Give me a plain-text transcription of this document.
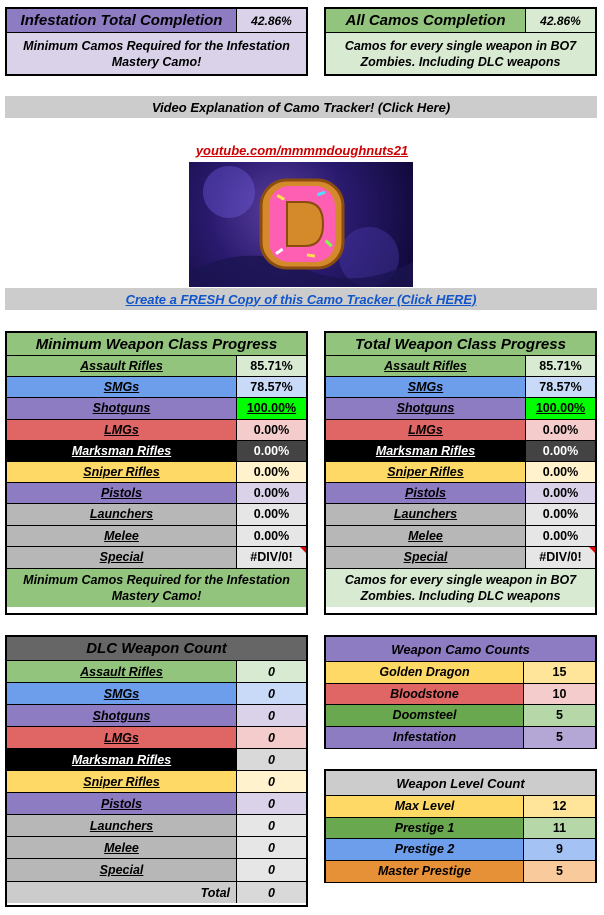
Infestation Total Completion	42.86%
Minimum Camos Required for the Infestation Mastery Camo!
All Camos Completion	42.86%
Camos for every single weapon in BO7 Zombies. Including DLC weapons
Video Explanation of Camo Tracker! (Click Here)
youtube.com/mmmmdoughnuts21
Create a FRESH Copy of this Camo Tracker (Click HERE)
Minimum Weapon Class Progress
Assault Rifles	85.71%
SMGs	78.57%
Shotguns	100.00%
LMGs	0.00%
Marksman Rifles	0.00%
Sniper Rifles	0.00%
Pistols	0.00%
Launchers	0.00%
Melee	0.00%
Special	#DIV/0!
Minimum Camos Required for the Infestation Mastery Camo!
Total Weapon Class Progress
Assault Rifles	85.71%
SMGs	78.57%
Shotguns	100.00%
LMGs	0.00%
Marksman Rifles	0.00%
Sniper Rifles	0.00%
Pistols	0.00%
Launchers	0.00%
Melee	0.00%
Special	#DIV/0!
Camos for every single weapon in BO7 Zombies. Including DLC weapons
DLC Weapon Count
Assault Rifles	0
SMGs	0
Shotguns	0
LMGs	0
Marksman Rifles	0
Sniper Rifles	0
Pistols	0
Launchers	0
Melee	0
Special	0
Total	0
Weapon Camo Counts
Golden Dragon	15
Bloodstone	10
Doomsteel	5
Infestation	5
Weapon Level Count
Max Level	12
Prestige 1	11
Prestige 2	9
Master Prestige	5
